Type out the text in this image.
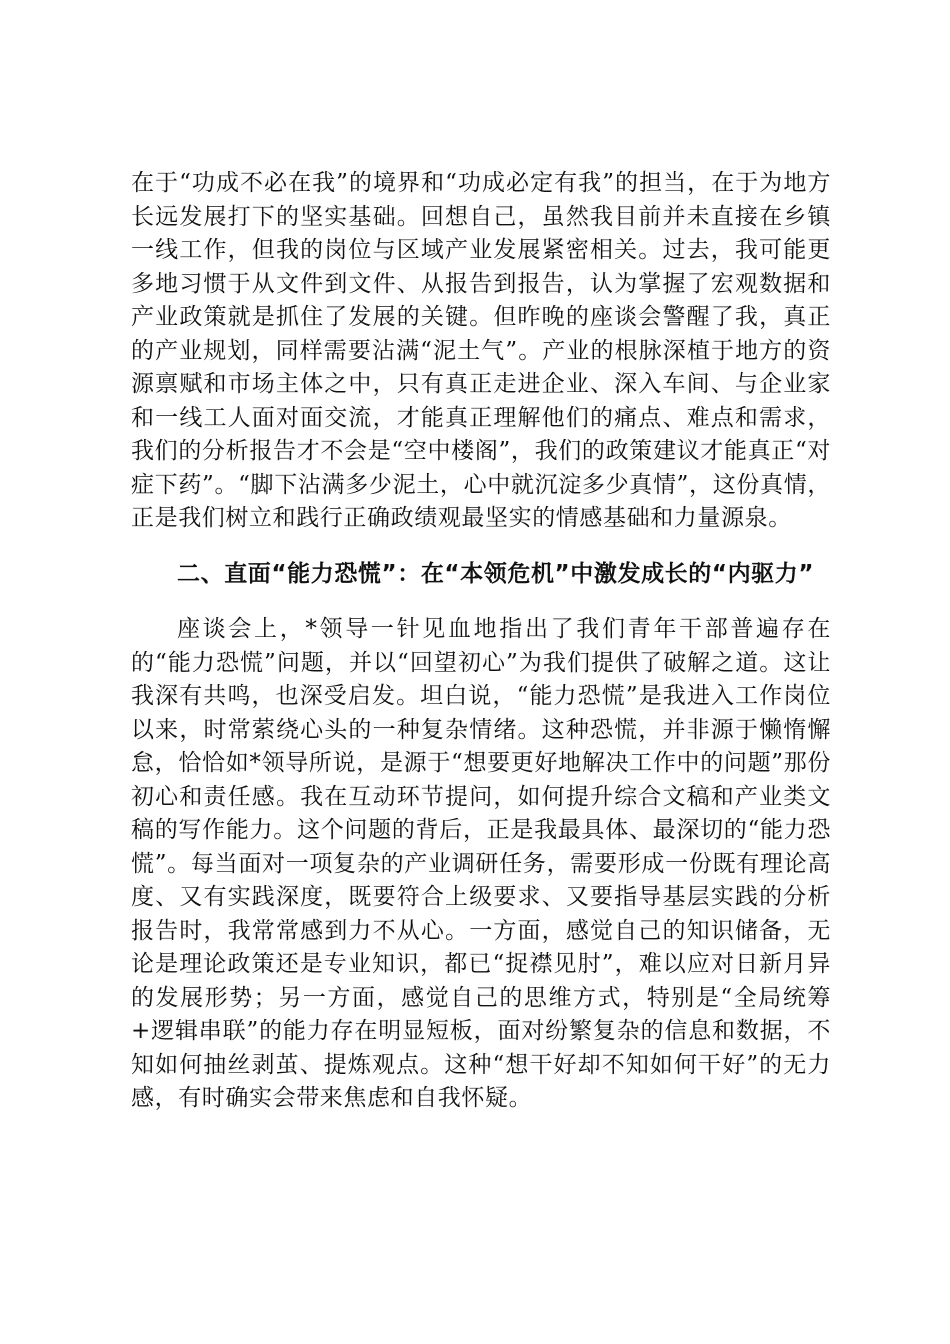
在于“功成不必在我”的境界和“功成必定有我”的担当，在于为地方长远发展打下的坚实基础。回想自己，虽然我目前并未直接在乡镇一线工作，但我的岗位与区域产业发展紧密相关。过去，我可能更多地习惯于从文件到文件、从报告到报告，认为掌握了宏观数据和产业政策就是抓住了发展的关键。但昨晚的座谈会警醒了我，真正的产业规划，同样需要沾满“泥土气”。产业的根脉深植于地方的资源禀赋和市场主体之中，只有真正走进企业、深入车间、与企业家和一线工人面对面交流，才能真正理解他们的痛点、难点和需求，我们的分析报告才不会是“空中楼阁”，我们的政策建议才能真正“对症下药”。“脚下沾满多少泥土，心中就沉淀多少真情”，这份真情，正是我们树立和践行正确政绩观最坚实的情感基础和力量源泉。

二、直面“能力恐慌”：在“本领危机”中激发成长的“内驱力”

座谈会上，*领导一针见血地指出了我们青年干部普遍存在的“能力恐慌”问题，并以“回望初心”为我们提供了破解之道。这让我深有共鸣，也深受启发。坦白说，“能力恐慌”是我进入工作岗位以来，时常萦绕心头的一种复杂情绪。这种恐慌，并非源于懒惰懈怠，恰恰如*领导所说，是源于“想要更好地解决工作中的问题”那份初心和责任感。我在互动环节提问，如何提升综合文稿和产业类文稿的写作能力。这个问题的背后，正是我最具体、最深切的“能力恐慌”。每当面对一项复杂的产业调研任务，需要形成一份既有理论高度、又有实践深度，既要符合上级要求、又要指导基层实践的分析报告时，我常常感到力不从心。一方面，感觉自己的知识储备，无论是理论政策还是专业知识，都已“捉襟见肘”，难以应对日新月异的发展形势；另一方面，感觉自己的思维方式，特别是“全局统筹+逻辑串联”的能力存在明显短板，面对纷繁复杂的信息和数据，不知如何抽丝剥茧、提炼观点。这种“想干好却不知如何干好”的无力感，有时确实会带来焦虑和自我怀疑。
